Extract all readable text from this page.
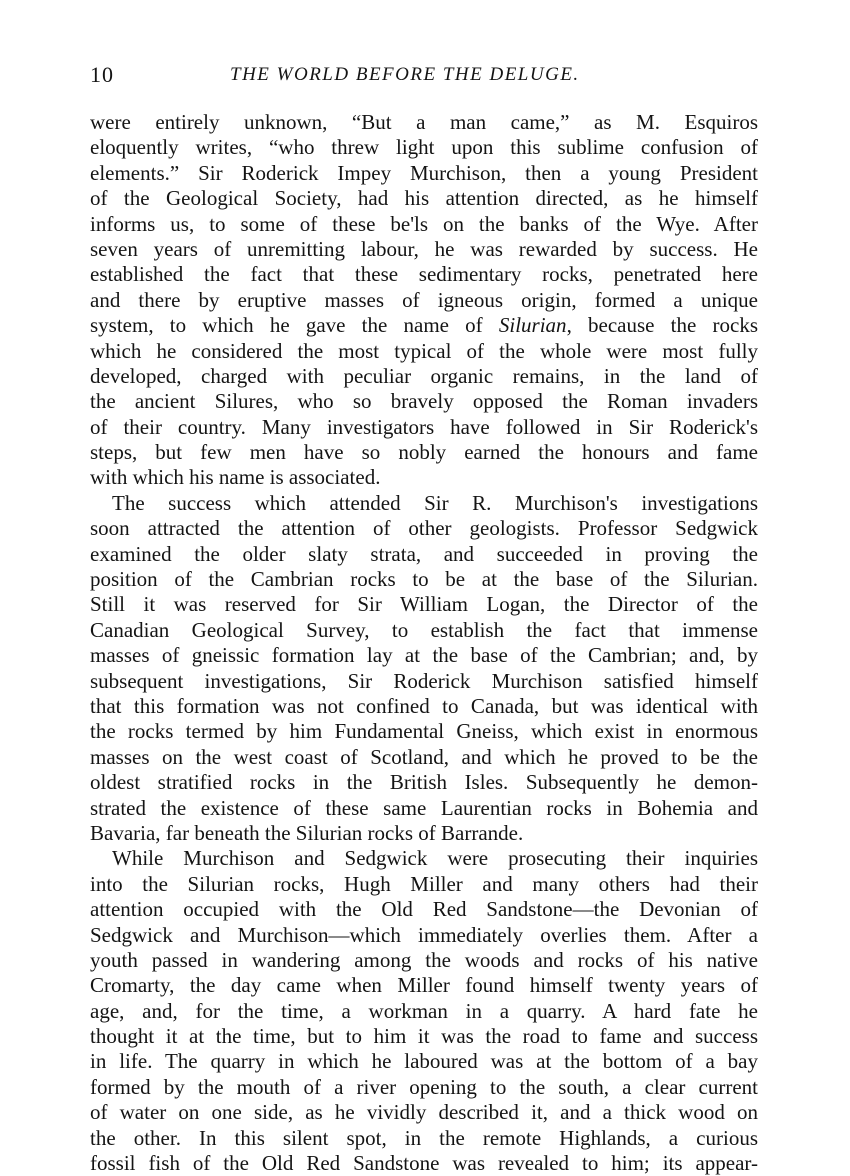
10	THE WORLD BEFORE THE DELUGE.
were entirely unknown, “But a man came,” as M. Esquiros
eloquently writes, “who threw light upon this sublime confusion of
elements.” Sir Roderick Impey Murchison, then a young President
of the Geological Society, had his attention directed, as he himself
informs us, to some of these be'ls on the banks of the Wye. After
seven years of unremitting labour, he was rewarded by success. He
established the fact that these sedimentary rocks, penetrated here
and there by eruptive masses of igneous origin, formed a unique
system, to which he gave the name of Silurian, because the rocks
which he considered the most typical of the whole were most fully
developed, charged with peculiar organic remains, in the land of
the ancient Silures, who so bravely opposed the Roman invaders
of their country. Many investigators have followed in Sir Roderick's
steps, but few men have so nobly earned the honours and fame
with which his name is associated.
The success which attended Sir R. Murchison's investigations
soon attracted the attention of other geologists. Professor Sedgwick
examined the older slaty strata, and succeeded in proving the
position of the Cambrian rocks to be at the base of the Silurian.
Still it was reserved for Sir William Logan, the Director of the
Canadian Geological Survey, to establish the fact that immense
masses of gneissic formation lay at the base of the Cambrian; and, by
subsequent investigations, Sir Roderick Murchison satisfied himself
that this formation was not confined to Canada, but was identical with
the rocks termed by him Fundamental Gneiss, which exist in enormous
masses on the west coast of Scotland, and which he proved to be the
oldest stratified rocks in the British Isles. Subsequently he demon-
strated the existence of these same Laurentian rocks in Bohemia and
Bavaria, far beneath the Silurian rocks of Barrande.
While Murchison and Sedgwick were prosecuting their inquiries
into the Silurian rocks, Hugh Miller and many others had their
attention occupied with the Old Red Sandstone—the Devonian of
Sedgwick and Murchison—which immediately overlies them. After a
youth passed in wandering among the woods and rocks of his native
Cromarty, the day came when Miller found himself twenty years of
age, and, for the time, a workman in a quarry. A hard fate he
thought it at the time, but to him it was the road to fame and success
in life. The quarry in which he laboured was at the bottom of a bay
formed by the mouth of a river opening to the south, a clear current
of water on one side, as he vividly described it, and a thick wood on
the other. In this silent spot, in the remote Highlands, a curious
fossil fish of the Old Red Sandstone was revealed to him; its appear-
